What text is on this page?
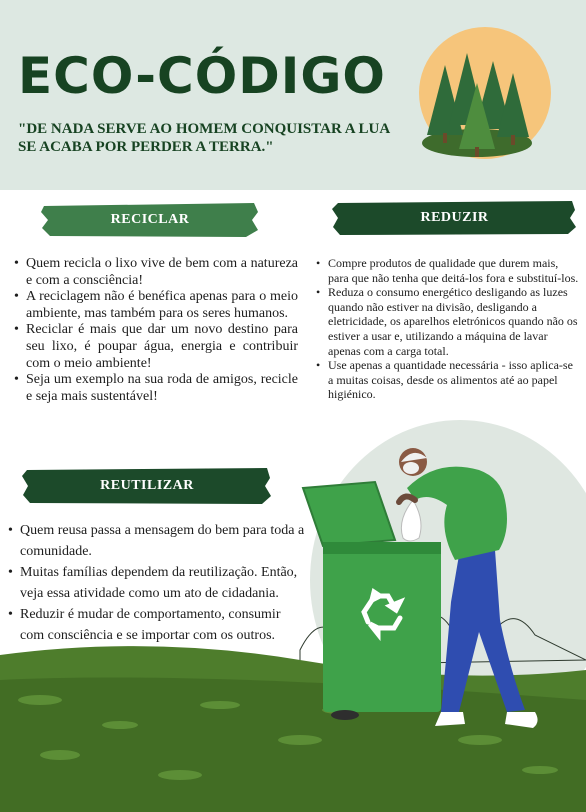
ECO-CÓDIGO
"DE NADA SERVE AO HOMEM CONQUISTAR A LUA SE ACABA POR PERDER A TERRA."
RECICLAR	REDUZIR
REUTILIZAR
• Quem recicla o lixo vive de bem com a natureza e com a consciência!
• A reciclagem não é benéfica apenas para o meio ambiente, mas também para os seres humanos.
• Reciclar é mais que dar um novo destino para seu lixo, é poupar água, energia e contribuir com o meio ambiente!
• Seja um exemplo na sua roda de amigos, recicle e seja mais sustentável!
• Compre produtos de qualidade que durem mais, para que não tenha que deitá-los fora e substituí-los.
• Reduza o consumo energético desligando as luzes quando não estiver na divisão, desligando a eletricidade, os aparelhos eletrónicos quando não os estiver a usar e, utilizando a máquina de lavar apenas com a carga total.
• Use apenas a quantidade necessária - isso aplica-se a muitas coisas, desde os alimentos até ao papel higiénico.
• Quem reusa passa a mensagem do bem para toda a comunidade.
• Muitas famílias dependem da reutilização. Então, veja essa atividade como um ato de cidadania.
• Reduzir é mudar de comportamento, consumir com consciência e se importar com os outros.
